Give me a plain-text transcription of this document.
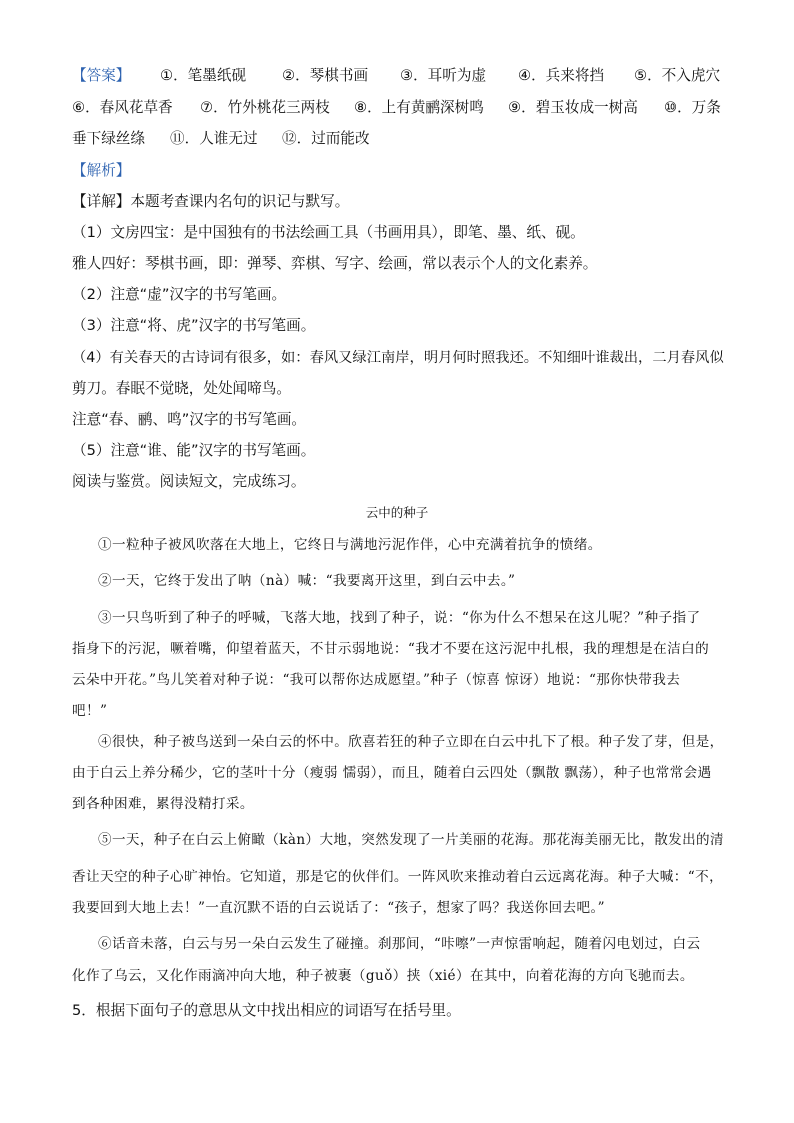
【答案】 ①．笔墨纸砚 ②．琴棋书画 ③．耳听为虚 ④．兵来将挡 ⑤．不入虎穴
⑥．春风花草香 ⑦．竹外桃花三两枝 ⑧．上有黄鹂深树鸣 ⑨．碧玉妆成一树高 ⑩．万条
垂下绿丝绦 ⑪．人谁无过 ⑫．过而能改
【解析】
【详解】本题考查课内名句的识记与默写。
（1）文房四宝：是中国独有的书法绘画工具（书画用具），即笔、墨、纸、砚。
雅人四好：琴棋书画，即：弹琴、弈棋、写字、绘画，常以表示个人的文化素养。
（2）注意“虚”汉字的书写笔画。
（3）注意“将、虎”汉字的书写笔画。
（4）有关春天的古诗词有很多，如：春风又绿江南岸，明月何时照我还。不知细叶谁裁出，二月春风似
剪刀。春眠不觉晓，处处闻啼鸟。
注意“春、鹂、鸣”汉字的书写笔画。
（5）注意“谁、能”汉字的书写笔画。
阅读与鉴赏。阅读短文，完成练习。
云中的种子
①一粒种子被风吹落在大地上，它终日与满地污泥作伴，心中充满着抗争的愤绪。
②一天，它终于发出了呐（nà）喊：“我要离开这里，到白云中去。”
③一只鸟听到了种子的呼喊，飞落大地，找到了种子，说：“你为什么不想呆在这儿呢？”种子指了
指身下的污泥，噘着嘴，仰望着蓝天，不甘示弱地说：“我才不要在这污泥中扎根，我的理想是在洁白的
云朵中开花。”鸟儿笑着对种子说：“我可以帮你达成愿望。”种子（惊喜 惊讶）地说：“那你快带我去
吧！”
④很快，种子被鸟送到一朵白云的怀中。欣喜若狂的种子立即在白云中扎下了根。种子发了芽，但是，
由于白云上养分稀少，它的茎叶十分（瘦弱 懦弱），而且，随着白云四处（飘散 飘荡），种子也常常会遇
到各种困难，累得没精打采。
⑤一天，种子在白云上俯瞰（kàn）大地，突然发现了一片美丽的花海。那花海美丽无比，散发出的清
香让天空的种子心旷神怡。它知道，那是它的伙伴们。一阵风吹来推动着白云远离花海。种子大喊：“不，
我要回到大地上去！”一直沉默不语的白云说话了：“孩子，想家了吗？我送你回去吧。”
⑥话音未落，白云与另一朵白云发生了碰撞。刹那间，“咔嚓”一声惊雷响起，随着闪电划过，白云
化作了乌云，又化作雨滴冲向大地，种子被裹（guǒ）挟（xié）在其中，向着花海的方向飞驰而去。
5．根据下面句子的意思从文中找出相应的词语写在括号里。
